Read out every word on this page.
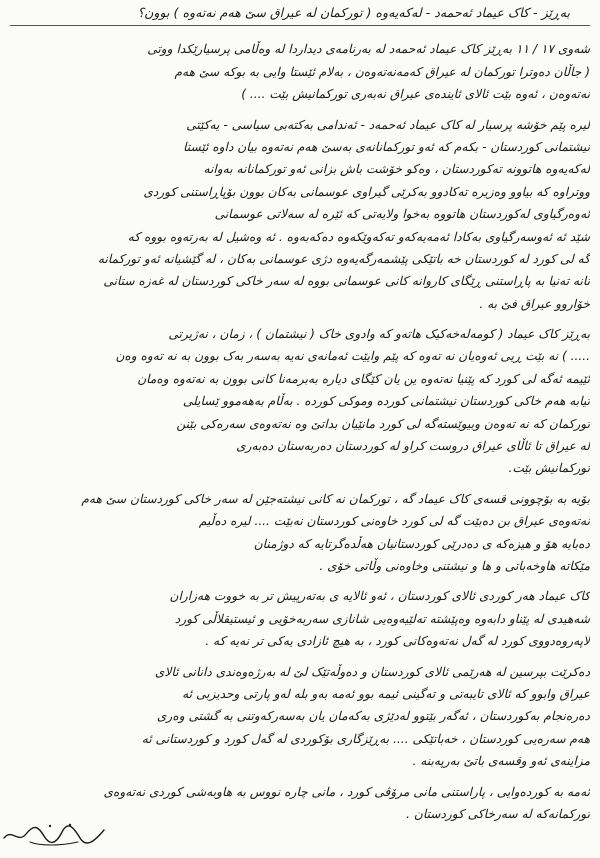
بەڕێز - کاک عیماد ئەحمەد - لەکەیەوە ( تورکمان لە عیراق سێ هەم نەتەوە ) بوون؟
شەوی ١٧ / ١١ بەڕێز کاک عیماد ئەحمەد لە بەرنامەی دیداردا لە وەڵامی پرسیارێکدا ووتی
( جاڵان دەوترا تورکمان لە عیراق کەمەنەتەوەن ، بەلام ئێستا وایی بە بوکە سێ هەم
نەتەوەن ، ئەوە بێت ئالای ئایندەی عیراق نەبەری تورکمانیش بێت .... )
لیرە پێم خۆشە پرسیار لە کاک عیماد ئەحمەد - ئەندامی بەکتەبی سیاسی - یەکێتی
نیشتمانی کوردستان - بکەم کە ئەو تورکمانانەی بەسێ هەم نەتەوە بیان داوە ئێستا
لەکەیەوە هاتوونە تەکوردستان ، وەکو خۆشت باش بزانی ئەو تورکمانانە بەوانە
ووتراوە کە بیاوو وەزیرە تەکادوو بەکرێی گیراوی عوسمانی بەکان بوون بۆپاڕاستنی کوردی
ئەوەرگیاوی لەکوردستان هاتووە بەخوا ولایەتی کە ئێرە لە سەلاتی عوسمانی
شێد ئە ئەوسەرگیاوی بەکادا ئەمەیەکەو تەکەوێکەوە دەکەبەوە . ئە وەشیل لە بەرتەوە بووە کە
گە لی کورد لە کوردستان خە باتێکی پێشمەرگەیەوە دژی عوسمانی بەکان ، لە گێشیانە ئەو تورکمانە
نانە تەنیا بە پاڕاستنی ڕێگای کاروانە کانی عوسمانی بووە لە سەر خاکی کوردستان لە غەزە ستانی
خۆاروو عیراق فێ بە .
بەڕێز کاک عیماد ( کومەلەخەکیک هاتەو کە وادوی خاک ( نیشتمان ) ، زمان ، نەژیرتی
..... ) نە بێت ڕیی ئەوەیان نە تەوە کە پێم وایێت ئەمانەی نەیە بەسەر بەک بوون بە نە تەوە وەن
ئێیمە ئەگە لی کورد کە پێنیا نەتەوە ین یان کێگای دیارە بەبرمەنا کانی بوون بە نەتەوە وەمان
تیابە هەم خاکی کوردستان نیشتمانی کوردە وموکی کوردە . بەڵام بەهەموو ێسایلی
تورکمان کە نە تەوەن وبیوێستەگە لی کورد مانێیان بداتێ وە نەتەوەی سەرەکی بێنن
لە عیراق تا ئاڵای عیراق دروست کراو لە کوردستان دەربەستان دەبەری
تورکمانیش بێت.
بۆیە بە بۆچوونی قسەی کاک عیماد گە ، تورکمان نە کانی نیشتەجێن لە سەر خاکی کوردستان سێ هەم
نەتەوەی عیراق بن دەبێت گە لی کورد خاوەنی کوردستان نەبێت .... لیرە دەڵیم
دەبایە هۆ و هیزەکە ی دەدرێی کوردستانیان هەڵدەگرتایە کە دوژمنان
مێکاتە هاوخەباتی و ها و نیشتنی وخاوەنی وڵاتی خۆی .
کاک عیماد هەر کوردی ئالای کوردستان ، ئەو ئالایە ی بەتەرپیش تر بە خووت هەزاران
شەهیدی لە پێناو دابەوە وەپێشتە تەلێیەوەیی شانازی سەربەخۆیی و ئیستیقلاڵی کورد
لاپەروەدووی کورد لە گەل نەتەوەکانی کورد ، بە هیچ ئازادی یەکی تر نەیە کە .
دەکرێت بپرسین لە هەرێمی ئالای کوردستان و دەوڵەتێک لێ لە بەرژەوەندی دانانی ئالای
عیراق وابوو کە ئالای تایبەتی و تەگینی ئیمە بوو ئەمە بەو بلە لەو پارتی وحدیزبی ئە
دەرەنجام بەکوردستان ، ئەگەر بێتوو لەدێژی بەکەمان یان بەسەرکەوتنی بە گشتی وەری
هەم سەرەیی کوردستان ، خەباتێکی .... بەڕێزگاری بۆکوردی لە گەل کورد و کوردستانی ئە
مزاینەی ئەو وقسەی باتێ بەرپەبنە .
ئەمە بە کوردەوایی ، پاراستنی مانی مرۆڤی کورد ، مانی چارە نووس بە هاوبەشی کوردی نەتەوەی
تورکمانەکە لە سەرخاکی کوردستان .
